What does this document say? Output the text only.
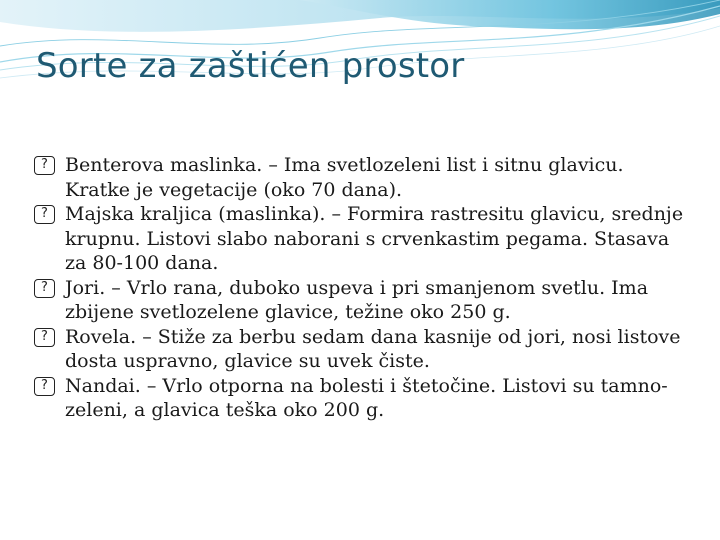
Sorte za zaštićen prostor
? Benterova maslinka. – Ima svetlozeleni list i sitnu glavicu. Kratke je vegetacije (oko 70 dana).
? Majska kraljica (maslinka). – Formira rastresitu glavicu, srednje krupnu. Listovi slabo naborani s crvenkastim pegama. Stasava za 80-100 dana.
? Jori. – Vrlo rana, duboko uspeva i pri smanjenom svetlu. Ima zbijene svetlozelene glavice, težine oko 250 g.
? Rovela. – Stiže za berbu sedam dana kasnije od jori, nosi listove dosta uspravno, glavice su uvek čiste.
? Nandai. – Vrlo otporna na bolesti i štetočine. Listovi su tamno-zeleni, a glavica teška oko 200 g.
